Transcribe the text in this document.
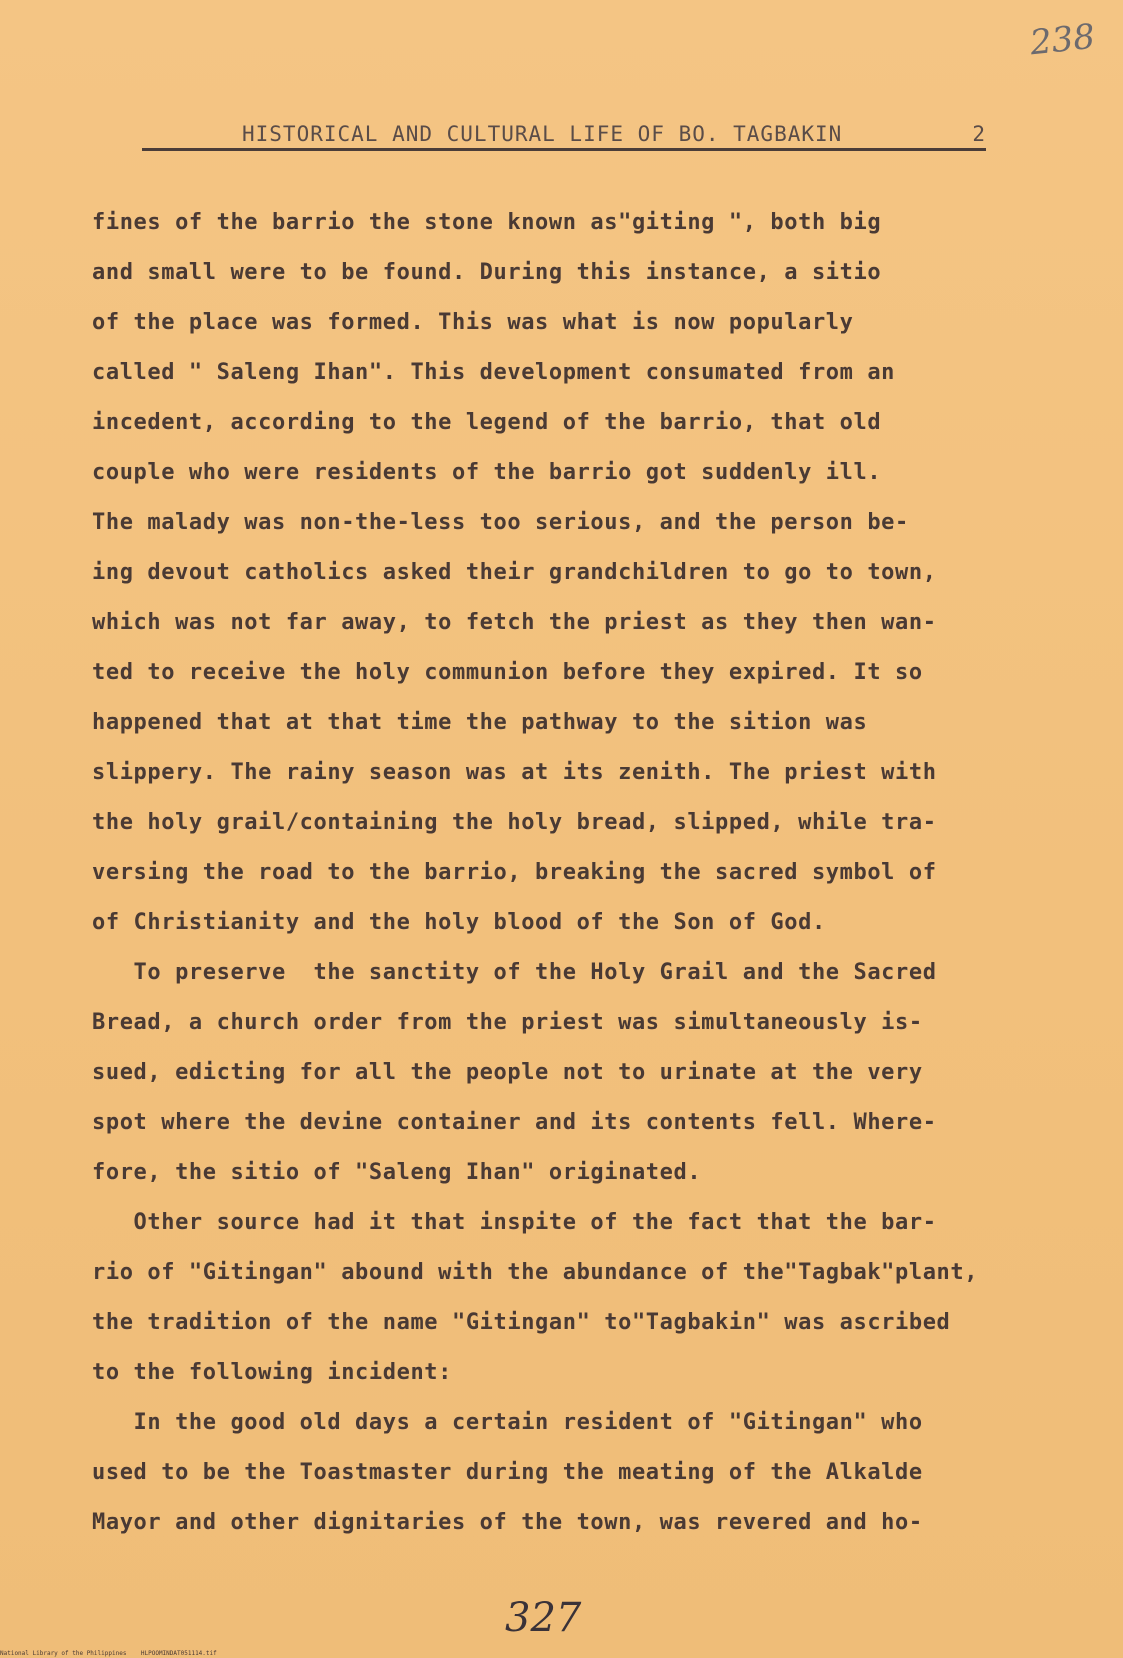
238
HISTORICAL AND CULTURAL LIFE OF BO. TAGBAKIN	2
fines of the barrio the stone known as"giting ", both big
and small were to be found. During this instance, a sitio
of the place was formed. This was what is now popularly
called " Saleng Ihan". This development consumated from an
incedent, according to the legend of the barrio, that old
couple who were residents of the barrio got suddenly ill.
The malady was non-the-less too serious, and the person be-
ing devout catholics asked their grandchildren to go to town,
which was not far away, to fetch the priest as they then wan-
ted to receive the holy communion before they expired. It so
happened that at that time the pathway to the sition was
slippery. The rainy season was at its zenith. The priest with
the holy grail/containing the holy bread, slipped, while tra-
versing the road to the barrio, breaking the sacred symbol of
of Christianity and the holy blood of the Son of God.
To preserve  the sanctity of the Holy Grail and the Sacred
Bread, a church order from the priest was simultaneously is-
sued, edicting for all the people not to urinate at the very
spot where the devine container and its contents fell. Where-
fore, the sitio of "Saleng Ihan" originated.
Other source had it that inspite of the fact that the bar-
rio of "Gitingan" abound with the abundance of the"Tagbak"plant,
the tradition of the name "Gitingan" to"Tagbakin" was ascribed
to the following incident:
In the good old days a certain resident of "Gitingan" who
used to be the Toastmaster during the meating of the Alkalde
Mayor and other dignitaries of the town, was revered and ho-
327
National Library of the Philippines    HLPOOMINDAT051114.tif
